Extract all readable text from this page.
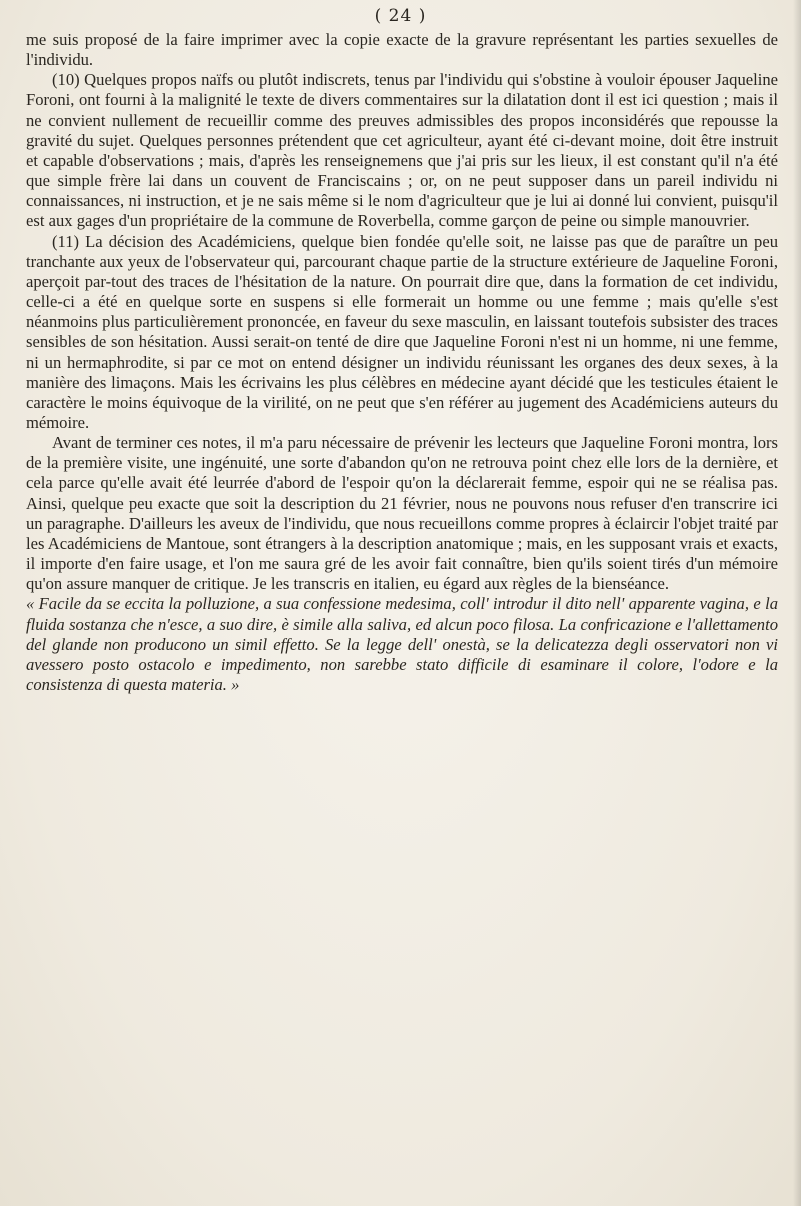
( 24 )

me suis proposé de la faire imprimer avec la copie exacte de la gravure représentant les parties sexuelles de l'individu.

(10) Quelques propos naïfs ou plutôt indiscrets, tenus par l'individu qui s'obstine à vouloir épouser Jaqueline Foroni, ont fourni à la malignité le texte de divers commentaires sur la dilatation dont il est ici question ; mais il ne convient nullement de recueillir comme des preuves admissibles des propos inconsidérés que repousse la gravité du sujet. Quelques personnes prétendent que cet agriculteur, ayant été ci-devant moine, doit être instruit et capable d'observations ; mais, d'après les renseignemens que j'ai pris sur les lieux, il est constant qu'il n'a été que simple frère lai dans un couvent de Franciscains ; or, on ne peut supposer dans un pareil individu ni connaissances, ni instruction, et je ne sais même si le nom d'agriculteur que je lui ai donné lui convient, puisqu'il est aux gages d'un propriétaire de la commune de Roverbella, comme garçon de peine ou simple manouvrier.

(11) La décision des Académiciens, quelque bien fondée qu'elle soit, ne laisse pas que de paraître un peu tranchante aux yeux de l'observateur qui, parcourant chaque partie de la structure extérieure de Jaqueline Foroni, aperçoit par-tout des traces de l'hésitation de la nature. On pourrait dire que, dans la formation de cet individu, celle-ci a été en quelque sorte en suspens si elle formerait un homme ou une femme ; mais qu'elle s'est néanmoins plus particulièrement prononcée, en faveur du sexe masculin, en laissant toutefois subsister des traces sensibles de son hésitation. Aussi serait-on tenté de dire que Jaqueline Foroni n'est ni un homme, ni une femme, ni un hermaphrodite, si par ce mot on entend désigner un individu réunissant les organes des deux sexes, à la manière des limaçons. Mais les écrivains les plus célèbres en médecine ayant décidé que les testicules étaient le caractère le moins équivoque de la virilité, on ne peut que s'en référer au jugement des Académiciens auteurs du mémoire.

Avant de terminer ces notes, il m'a paru nécessaire de prévenir les lecteurs que Jaqueline Foroni montra, lors de la première visite, une ingénuité, une sorte d'abandon qu'on ne retrouva point chez elle lors de la dernière, et cela parce qu'elle avait été leurrée d'abord de l'espoir qu'on la déclarerait femme, espoir qui ne se réalisa pas. Ainsi, quelque peu exacte que soit la description du 21 février, nous ne pouvons nous refuser d'en transcrire ici un paragraphe. D'ailleurs les aveux de l'individu, que nous recueillons comme propres à éclaircir l'objet traité par les Académiciens de Mantoue, sont étrangers à la description anatomique ; mais, en les supposant vrais et exacts, il importe d'en faire usage, et l'on me saura gré de les avoir fait connaître, bien qu'ils soient tirés d'un mémoire qu'on assure manquer de critique. Je les transcris en italien, eu égard aux règles de la bienséance.

« Facile da se eccita la polluzione, a sua confessione medesima, coll' introdur il dito nell' apparente vagina, e la fluida sostanza che n'esce, a suo dire, è simile alla saliva, ed alcun poco filosa. La confricazione e l'allettamento del glande non producono un simil effetto. Se la legge dell' onestà, se la delicatezza degli osservatori non vi avessero posto ostacolo e impedimento, non sarebbe stato difficile di esaminare il colore, l'odore e la consistenza di questa materia. »
